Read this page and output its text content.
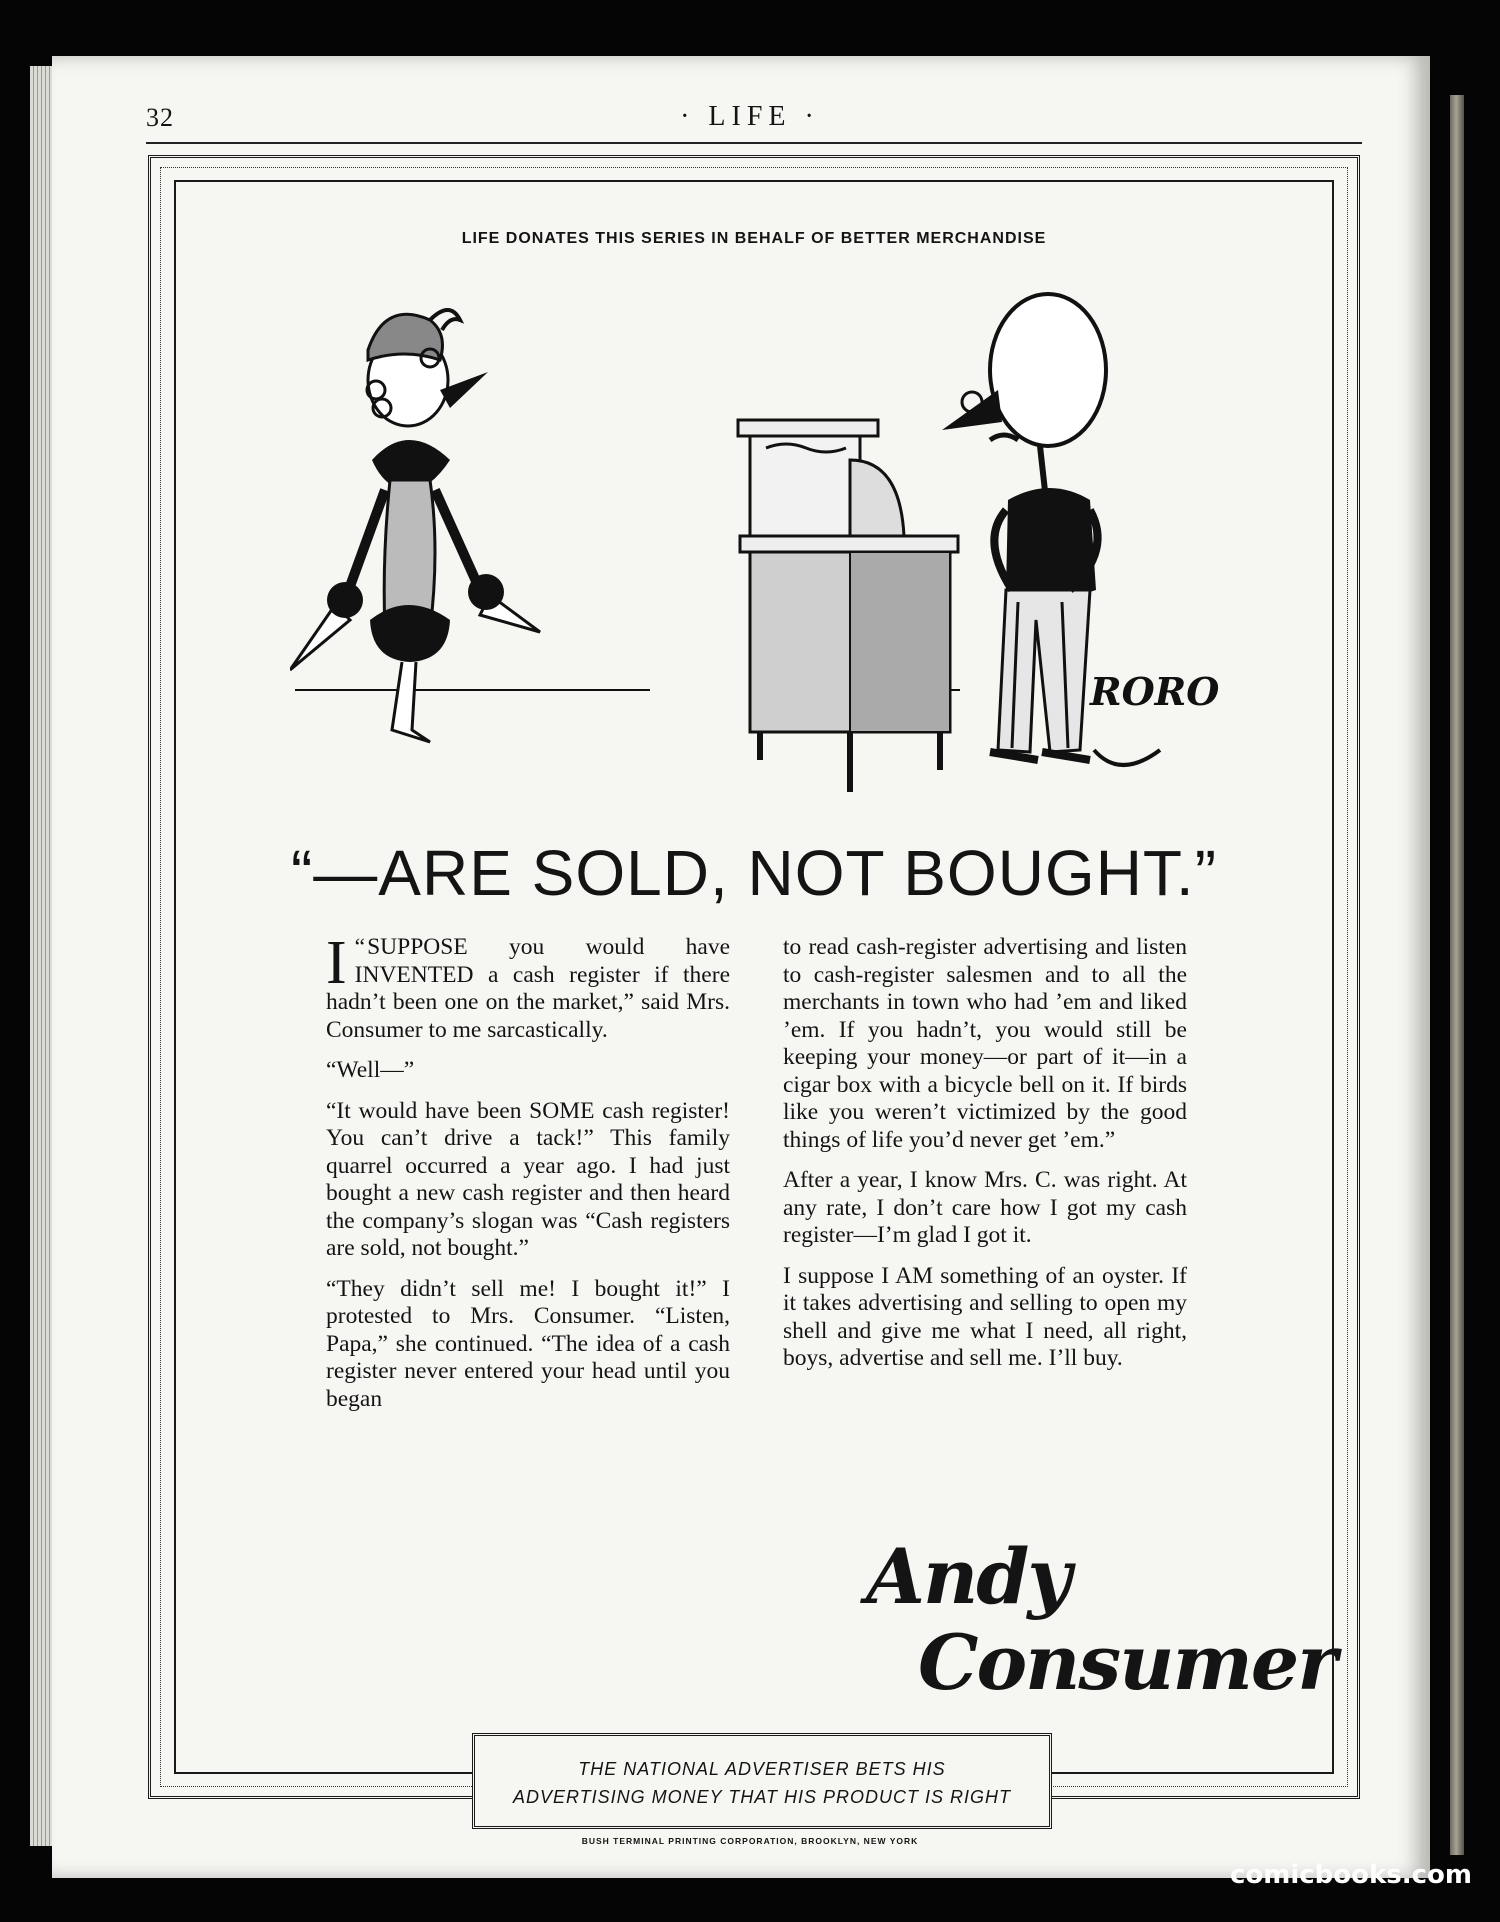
32	· LIFE ·
LIFE DONATES THIS SERIES IN BEHALF OF BETTER MERCHANDISE
RORO
“—ARE SOLD, NOT BOUGHT.”

“
I SUPPOSE you would have INVENTED a cash register if there hadn’t been one on the market,” said Mrs. Consumer to me sarcastically.

“Well—”

“It would have been SOME cash register! You can’t drive a tack!” This family quarrel occurred a year ago. I had just bought a new cash register and then heard the company’s slogan was “Cash registers are sold, not bought.”

“They didn’t sell me! I bought it!” I protested to Mrs. Consumer. “Listen, Papa,” she continued. “The idea of a cash register never entered your head until you began

to read cash-register advertising and listen to cash-register salesmen and to all the merchants in town who had ’em and liked ’em. If you hadn’t, you would still be keeping your money—or part of it—in a cigar box with a bicycle bell on it. If birds like you weren’t victimized by the good things of life you’d never get ’em.”

After a year, I know Mrs. C. was right. At any rate, I don’t care how I got my cash register—I’m glad I got it.

I suppose I AM something of an oyster. If it takes advertising and selling to open my shell and give me what I need, all right, boys, advertise and sell me. I’ll buy.

Andy
Consumer
THE NATIONAL ADVERTISER BETS HIS
ADVERTISING MONEY THAT HIS PRODUCT IS RIGHT
BUSH TERMINAL PRINTING CORPORATION, BROOKLYN, NEW YORK
comicbooks.com
